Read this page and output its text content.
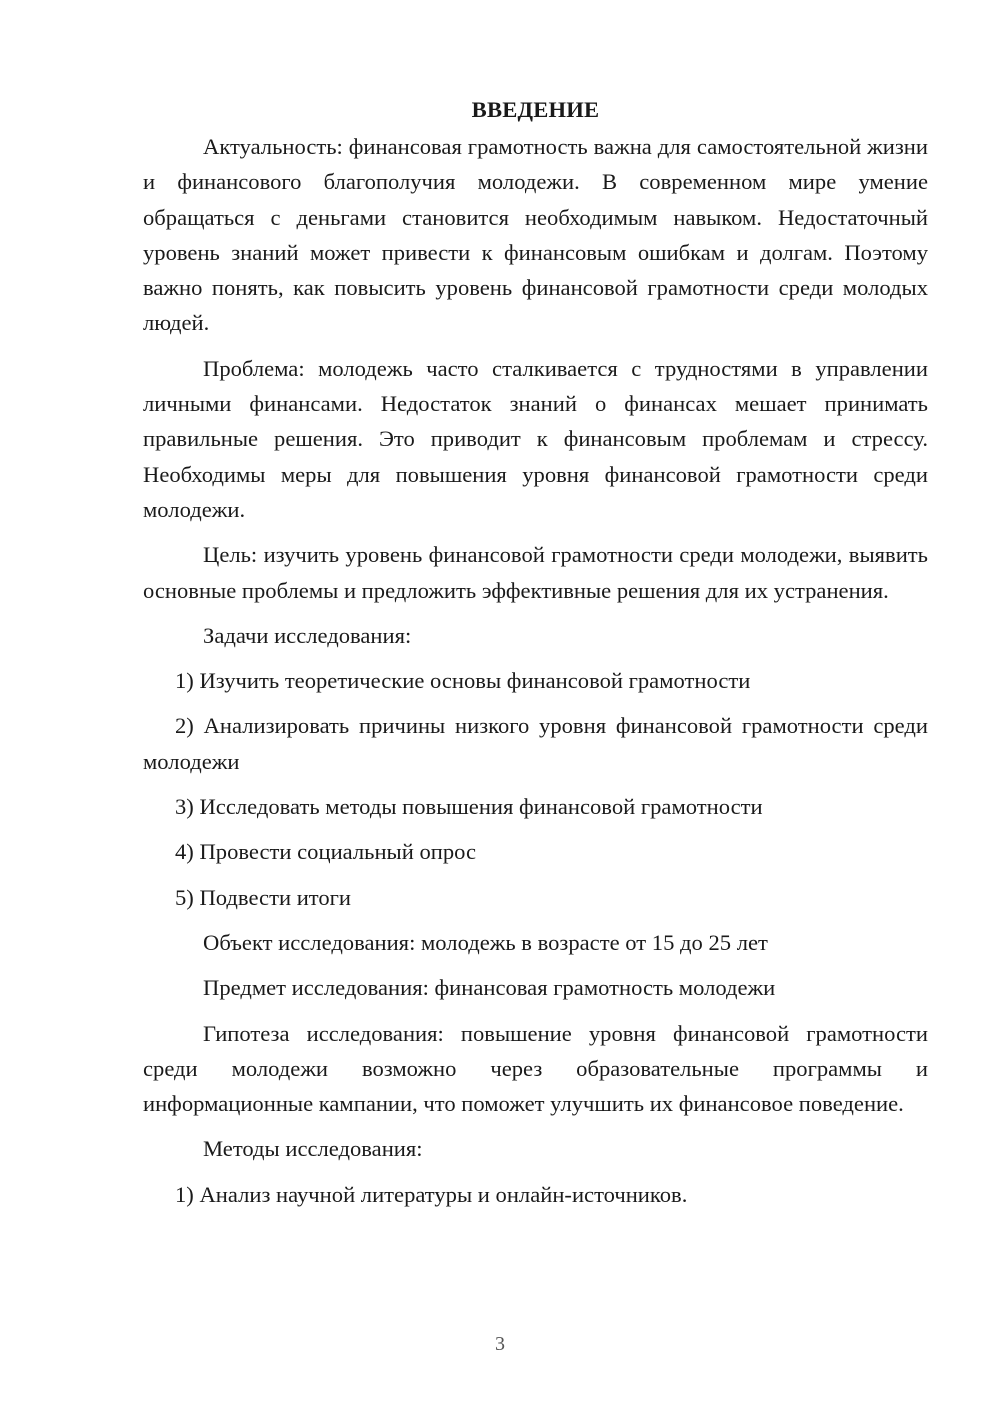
ВВЕДЕНИЕ

Актуальность: финансовая грамотность важна для самостоятельной жизни и финансового благополучия молодежи. В современном мире умение обращаться с деньгами становится необходимым навыком. Недостаточный уровень знаний может привести к финансовым ошибкам и долгам. Поэтому важно понять, как повысить уровень финансовой грамотности среди молодых людей.

Проблема: молодежь часто сталкивается с трудностями в управлении личными финансами. Недостаток знаний о финансах мешает принимать правильные решения. Это приводит к финансовым проблемам и стрессу. Необходимы меры для повышения уровня финансовой грамотности среди молодежи.

Цель: изучить уровень финансовой грамотности среди молодежи, выявить основные проблемы и предложить эффективные решения для их устранения.

Задачи исследования:

1) Изучить теоретические основы финансовой грамотности

2) Анализировать причины низкого уровня финансовой грамотности среди молодежи

3) Исследовать методы повышения финансовой грамотности

4) Провести социальный опрос

5) Подвести итоги

Объект исследования: молодежь в возрасте от 15 до 25 лет

Предмет исследования: финансовая грамотность молодежи

Гипотеза исследования: повышение уровня финансовой грамотности среди молодежи возможно через образовательные программы и информационные кампании, что поможет улучшить их финансовое поведение.

Методы исследования:

1) Анализ научной литературы и онлайн-источников.

3
